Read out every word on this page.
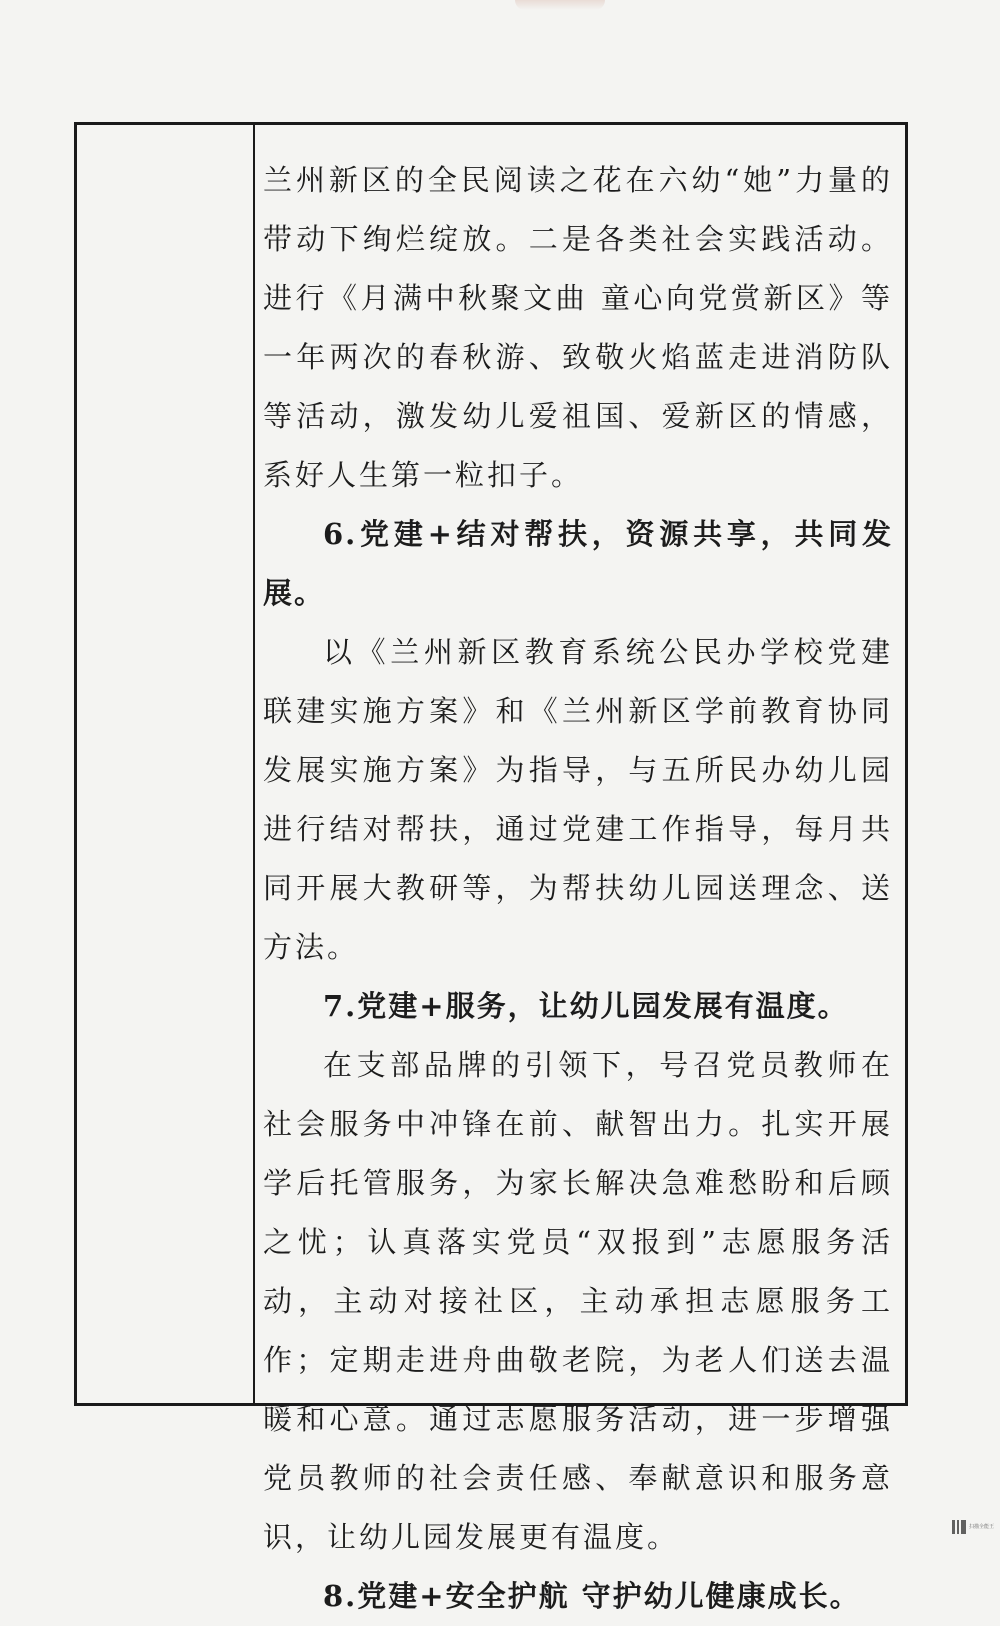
兰州新区的全民阅读之花在六幼“她”力量的带动下绚烂绽放。二是各类社会实践活动。进行《月满中秋聚文曲 童心向党赏新区》等一年两次的春秋游、致敬火焰蓝走进消防队等活动，激发幼儿爱祖国、爱新区的情感，系好人生第一粒扣子。

6.党建+结对帮扶，资源共享，共同发展。

以《兰州新区教育系统公民办学校党建联建实施方案》和《兰州新区学前教育协同发展实施方案》为指导，与五所民办幼儿园进行结对帮扶，通过党建工作指导，每月共同开展大教研等，为帮扶幼儿园送理念、送方法。

7.党建+服务，让幼儿园发展有温度。

在支部品牌的引领下，号召党员教师在社会服务中冲锋在前、献智出力。扎实开展学后托管服务，为家长解决急难愁盼和后顾之忧；认真落实党员“双报到”志愿服务活动，主动对接社区，主动承担志愿服务工作；定期走进舟曲敬老院，为老人们送去温暖和心意。通过志愿服务活动，进一步增强党员教师的社会责任感、奉献意识和服务意识，让幼儿园发展更有温度。

8.党建+安全护航 守护幼儿健康成长。

扫描全能王
